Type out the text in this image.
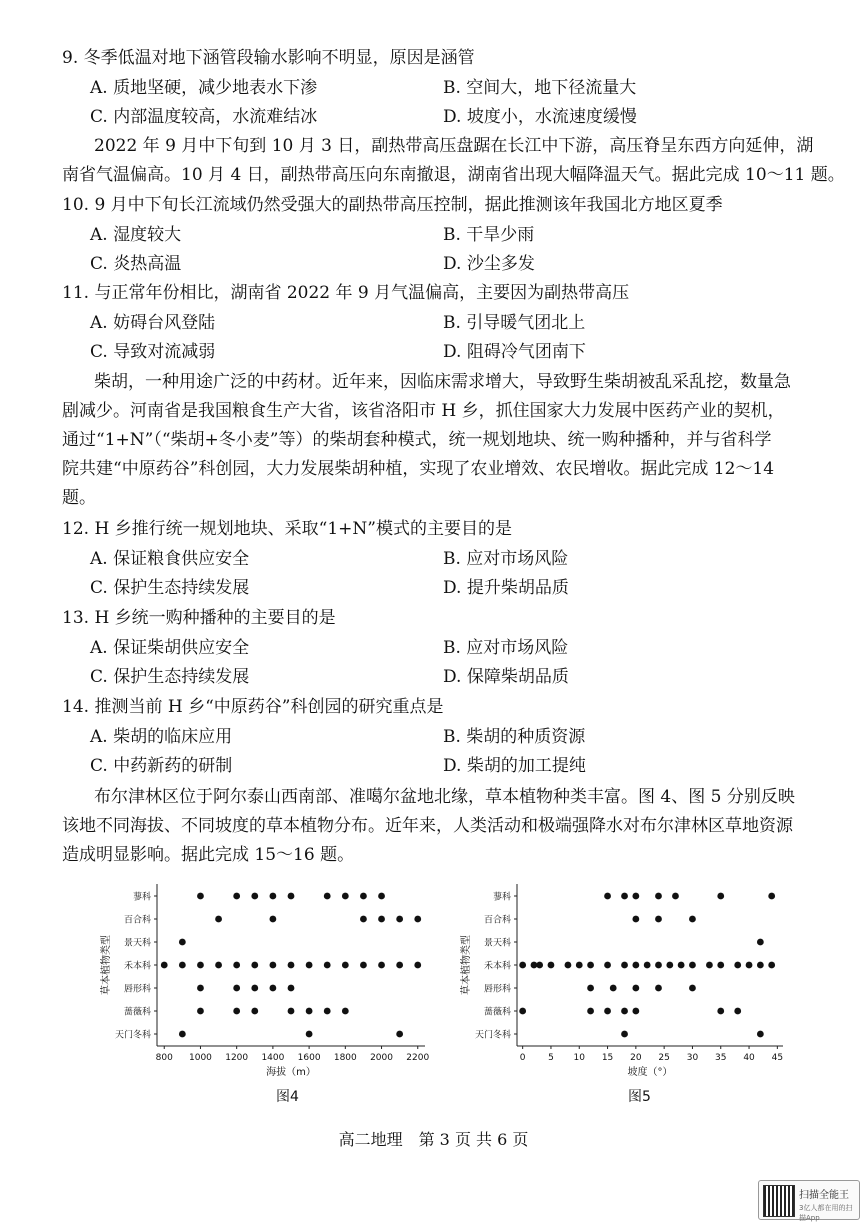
9. 冬季低温对地下涵管段输水影响不明显，原因是涵管
A. 质地坚硬，减少地表水下渗	B. 空间大，地下径流量大
C. 内部温度较高，水流难结冰	D. 坡度小，水流速度缓慢
2022 年 9 月中下旬到 10 月 3 日，副热带高压盘踞在长江中下游，高压脊呈东西方向延伸，湖
南省气温偏高。10 月 4 日，副热带高压向东南撤退，湖南省出现大幅降温天气。据此完成 10～11 题。
10. 9 月中下旬长江流域仍然受强大的副热带高压控制，据此推测该年我国北方地区夏季
A. 湿度较大	B. 干旱少雨
C. 炎热高温	D. 沙尘多发
11. 与正常年份相比，湖南省 2022 年 9 月气温偏高，主要因为副热带高压
A. 妨碍台风登陆	B. 引导暖气团北上
C. 导致对流减弱	D. 阻碍冷气团南下
柴胡，一种用途广泛的中药材。近年来，因临床需求增大，导致野生柴胡被乱采乱挖，数量急
剧减少。河南省是我国粮食生产大省，该省洛阳市 H 乡，抓住国家大力发展中医药产业的契机，
通过“1+N”（“柴胡+冬小麦”等）的柴胡套种模式，统一规划地块、统一购种播种，并与省科学
院共建“中原药谷”科创园，大力发展柴胡种植，实现了农业增效、农民增收。据此完成 12～14
题。
12. H 乡推行统一规划地块、采取“1+N”模式的主要目的是
A. 保证粮食供应安全	B. 应对市场风险
C. 保护生态持续发展	D. 提升柴胡品质
13. H 乡统一购种播种的主要目的是
A. 保证柴胡供应安全	B. 应对市场风险
C. 保护生态持续发展	D. 保障柴胡品质
14. 推测当前 H 乡“中原药谷”科创园的研究重点是
A. 柴胡的临床应用	B. 柴胡的种质资源
C. 中药新药的研制	D. 柴胡的加工提纯
布尔津林区位于阿尔泰山西南部、准噶尔盆地北缘，草本植物种类丰富。图 4、图 5 分别反映
该地不同海拔、不同坡度的草本植物分布。近年来，人类活动和极端强降水对布尔津林区草地资源
造成明显影响。据此完成 15～16 题。
蓼科
百合科
景天科
禾本科
唇形科
蔷薇科
天门冬科
800 1000 1200 1400 1600 1800 2000 2200
海拔（m）
草本植物类型
图4
蓼科
百合科
景天科
禾本科
唇形科
蔷薇科
天门冬科
0	5 10 15 20 25 30 35 40 45
坡度（°）
草本植物类型
图5
高二地理　第 3 页 共 6 页
扫描全能王
3亿人都在用的扫描App
